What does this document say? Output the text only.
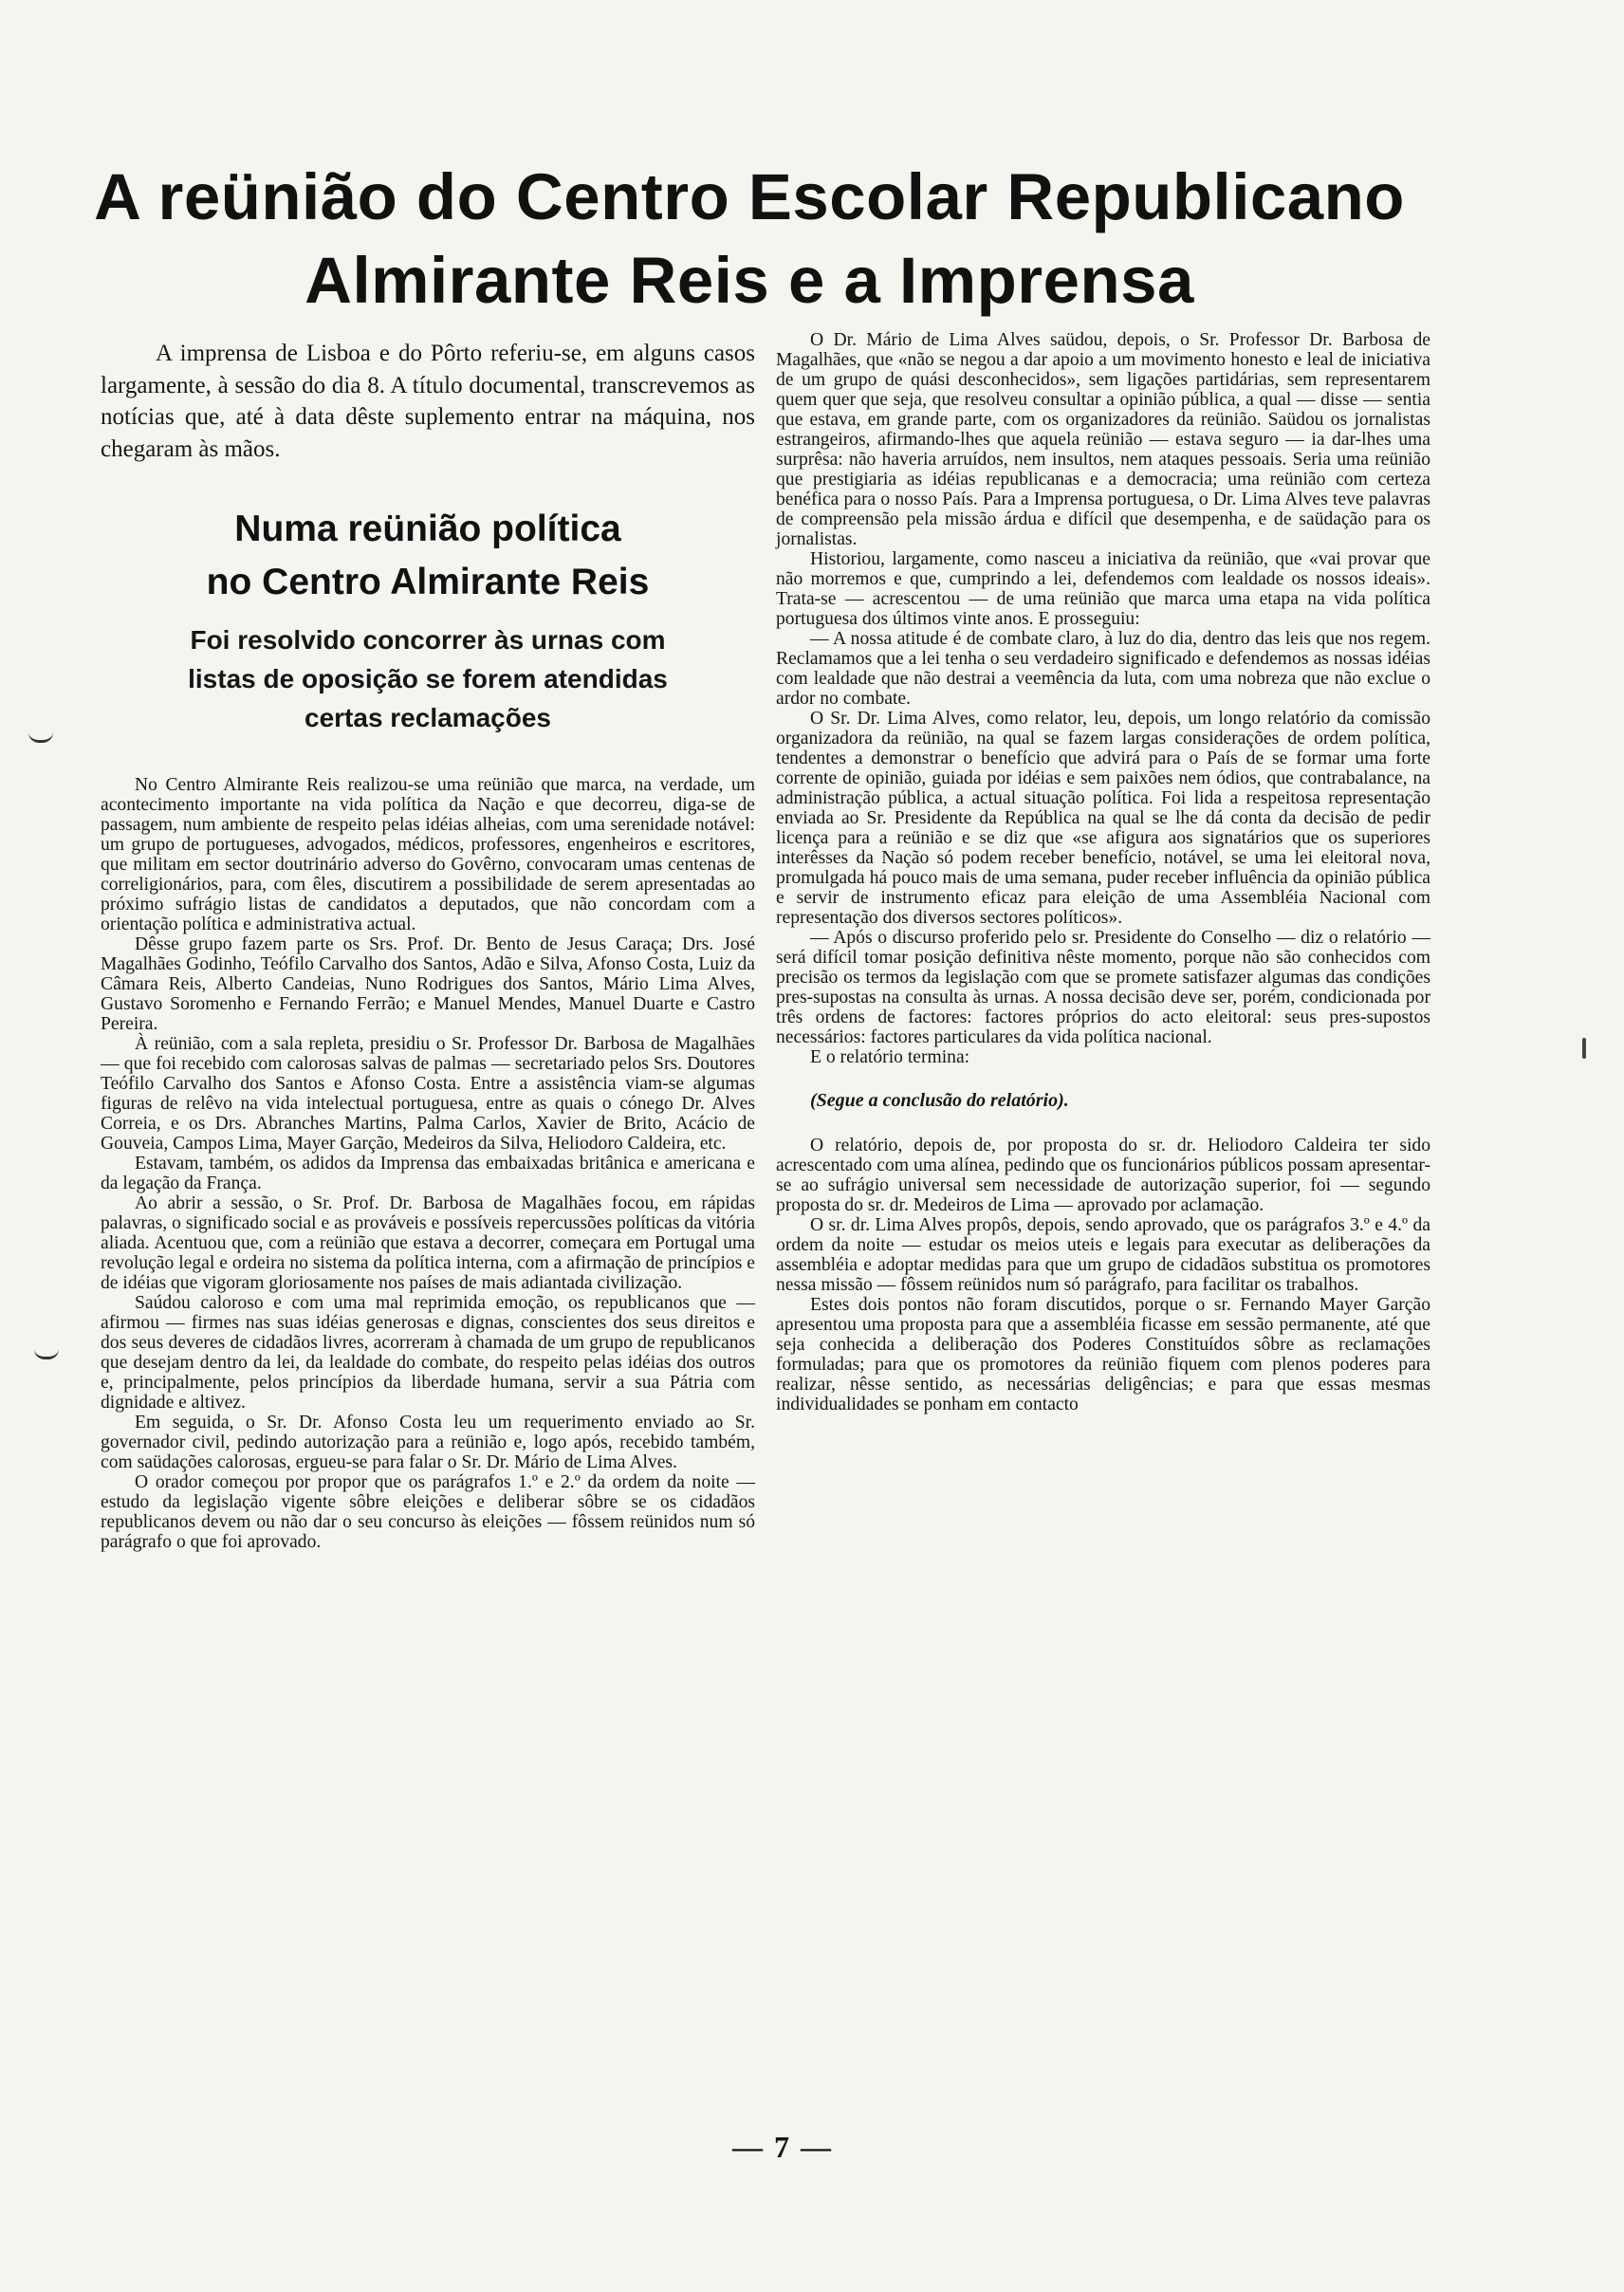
A reünião do Centro Escolar Republicano
Almirante Reis e a Imprensa

A imprensa de Lisboa e do Pôrto referiu-se, em alguns casos largamente, à sessão do dia 8. A título documental, transcrevemos as notícias que, até à data dêste suplemento entrar na máquina, nos chegaram às mãos.

Numa reünião política
no Centro Almirante Reis
Foi resolvido concorrer às urnas com
listas de oposição se forem atendidas
certas reclamações

No Centro Almirante Reis realizou-se uma reünião que marca, na verdade, um acontecimento importante na vida política da Nação e que decorreu, diga-se de passagem, num ambiente de respeito pelas idéias alheias, com uma serenidade notável: um grupo de portugueses, advogados, médicos, professores, engenheiros e escritores, que militam em sector doutrinário adverso do Govêrno, convocaram umas centenas de correligionários, para, com êles, discutirem a possibilidade de serem apresentadas ao próximo sufrágio listas de candidatos a deputados, que não concordam com a orientação política e administrativa actual.

Dêsse grupo fazem parte os Srs. Prof. Dr. Bento de Jesus Caraça; Drs. José Magalhães Godinho, Teófilo Carvalho dos Santos, Adão e Silva, Afonso Costa, Luiz da Câmara Reis, Alberto Candeias, Nuno Rodrigues dos Santos, Mário Lima Alves, Gustavo Soromenho e Fernando Ferrão; e Manuel Mendes, Manuel Duarte e Castro Pereira.

À reünião, com a sala repleta, presidiu o Sr. Professor Dr. Barbosa de Magalhães — que foi recebido com calorosas salvas de palmas — secretariado pelos Srs. Doutores Teófilo Carvalho dos Santos e Afonso Costa. Entre a assistência viam-se algumas figuras de relêvo na vida intelectual portuguesa, entre as quais o cónego Dr. Alves Correia, e os Drs. Abranches Martins, Palma Carlos, Xavier de Brito, Acácio de Gouveia, Campos Lima, Mayer Garção, Medeiros da Silva, Heliodoro Caldeira, etc.

Estavam, também, os adidos da Imprensa das embaixadas britânica e americana e da legação da França.

Ao abrir a sessão, o Sr. Prof. Dr. Barbosa de Magalhães focou, em rápidas palavras, o significado social e as prováveis e possíveis repercussões políticas da vitória aliada. Acentuou que, com a reünião que estava a decorrer, começara em Portugal uma revolução legal e ordeira no sistema da política interna, com a afirmação de princípios e de idéias que vigoram gloriosamente nos países de mais adiantada civilização.

Saúdou caloroso e com uma mal reprimida emoção, os republicanos que — afirmou — firmes nas suas idéias generosas e dignas, conscientes dos seus direitos e dos seus deveres de cidadãos livres, acorreram à chamada de um grupo de republicanos que desejam dentro da lei, da lealdade do combate, do respeito pelas idéias dos outros e, principalmente, pelos princípios da liberdade humana, servir a sua Pátria com dignidade e altivez.

Em seguida, o Sr. Dr. Afonso Costa leu um requerimento enviado ao Sr. governador civil, pedindo autorização para a reünião e, logo após, recebido também, com saüdações calorosas, ergueu-se para falar o Sr. Dr. Mário de Lima Alves.

O orador começou por propor que os parágrafos 1.º e 2.º da ordem da noite — estudo da legislação vigente sôbre eleições e deliberar sôbre se os cidadãos republicanos devem ou não dar o seu concurso às eleições — fôssem reünidos num só parágrafo o que foi aprovado.

O Dr. Mário de Lima Alves saüdou, depois, o Sr. Professor Dr. Barbosa de Magalhães, que «não se negou a dar apoio a um movimento honesto e leal de iniciativa de um grupo de quási desconhecidos», sem ligações partidárias, sem representarem quem quer que seja, que resolveu consultar a opinião pública, a qual — disse — sentia que estava, em grande parte, com os organizadores da reünião. Saüdou os jornalistas estrangeiros, afirmando-lhes que aquela reünião — estava seguro — ia dar-lhes uma surprêsa: não haveria arruídos, nem insultos, nem ataques pessoais. Seria uma reünião que prestigiaria as idéias republicanas e a democracia; uma reünião com certeza benéfica para o nosso País. Para a Imprensa portuguesa, o Dr. Lima Alves teve palavras de compreensão pela missão árdua e difícil que desempenha, e de saüdação para os jornalistas.

Historiou, largamente, como nasceu a iniciativa da reünião, que «vai provar que não morremos e que, cumprindo a lei, defendemos com lealdade os nossos ideais». Trata-se — acrescentou — de uma reünião que marca uma etapa na vida política portuguesa dos últimos vinte anos. E prosseguiu:

— A nossa atitude é de combate claro, à luz do dia, dentro das leis que nos regem. Reclamamos que a lei tenha o seu verdadeiro significado e defendemos as nossas idéias com lealdade que não destrai a veemência da luta, com uma nobreza que não exclue o ardor no combate.

O Sr. Dr. Lima Alves, como relator, leu, depois, um longo relatório da comissão organizadora da reünião, na qual se fazem largas considerações de ordem política, tendentes a demonstrar o benefício que advirá para o País de se formar uma forte corrente de opinião, guiada por idéias e sem paixões nem ódios, que contrabalance, na administração pública, a actual situação política. Foi lida a respeitosa representação enviada ao Sr. Presidente da República na qual se lhe dá conta da decisão de pedir licença para a reünião e se diz que «se afigura aos signatários que os superiores interêsses da Nação só podem receber benefício, notável, se uma lei eleitoral nova, promulgada há pouco mais de uma semana, puder receber influência da opinião pública e servir de instrumento eficaz para eleição de uma Assembléia Nacional com representação dos diversos sectores políticos».

— Após o discurso proferido pelo sr. Presidente do Conselho — diz o relatório — será difícil tomar posição definitiva nêste momento, porque não são conhecidos com precisão os termos da legislação com que se promete satisfazer algumas das condições pres-supostas na consulta às urnas. A nossa decisão deve ser, porém, condicionada por três ordens de factores: factores próprios do acto eleitoral: seus pres-supostos necessários: factores particulares da vida política nacional.

E o relatório termina:

(Segue a conclusão do relatório).

O relatório, depois de, por proposta do sr. dr. Heliodoro Caldeira ter sido acrescentado com uma alínea, pedindo que os funcionários públicos possam apresentar-se ao sufrágio universal sem necessidade de autorização superior, foi — segundo proposta do sr. dr. Medeiros de Lima — aprovado por aclamação.

O sr. dr. Lima Alves propôs, depois, sendo aprovado, que os parágrafos 3.º e 4.º da ordem da noite — estudar os meios uteis e legais para executar as deliberações da assembléia e adoptar medidas para que um grupo de cidadãos substitua os promotores nessa missão — fôssem reünidos num só parágrafo, para facilitar os trabalhos.

Estes dois pontos não foram discutidos, porque o sr. Fernando Mayer Garção apresentou uma proposta para que a assembléia ficasse em sessão permanente, até que seja conhecida a deliberação dos Poderes Constituídos sôbre as reclamações formuladas; para que os promotores da reünião fiquem com plenos poderes para realizar, nêsse sentido, as necessárias deligências; e para que essas mesmas individualidades se ponham em contacto

— 7 —
